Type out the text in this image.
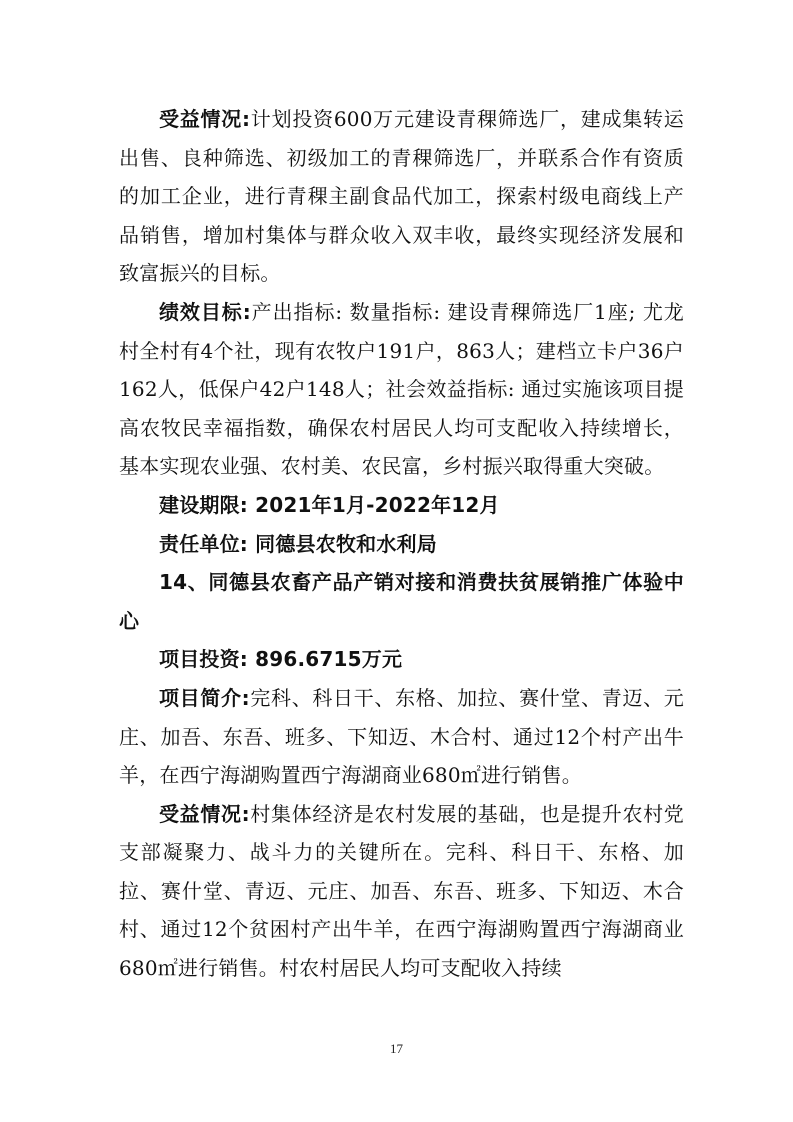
受益情况:计划投资600万元建设青稞筛选厂，建成集转运出售、良种筛选、初级加工的青稞筛选厂，并联系合作有资质的加工企业，进行青稞主副食品代加工，探索村级电商线上产品销售，增加村集体与群众收入双丰收，最终实现经济发展和致富振兴的目标。

绩效目标:产出指标: 数量指标: 建设青稞筛选厂1座; 尤龙村全村有4个社，现有农牧户191户，863人；建档立卡户36户162人，低保户42户148人；社会效益指标: 通过实施该项目提高农牧民幸福指数，确保农村居民人均可支配收入持续增长，基本实现农业强、农村美、农民富，乡村振兴取得重大突破。

建设期限: 2021年1月-2022年12月

责任单位: 同德县农牧和水利局

14、同德县农畜产品产销对接和消费扶贫展销推广体验中心

项目投资: 896.6715万元

项目简介:完科、科日干、东格、加拉、赛什堂、青迈、元庄、加吾、东吾、班多、下知迈、木合村、通过12个村产出牛羊，在西宁海湖购置西宁海湖商业680㎡进行销售。

受益情况:村集体经济是农村发展的基础，也是提升农村党支部凝聚力、战斗力的关键所在。完科、科日干、东格、加拉、赛什堂、青迈、元庄、加吾、东吾、班多、下知迈、木合村、通过12个贫困村产出牛羊，在西宁海湖购置西宁海湖商业680㎡进行销售。村农村居民人均可支配收入持续

17
